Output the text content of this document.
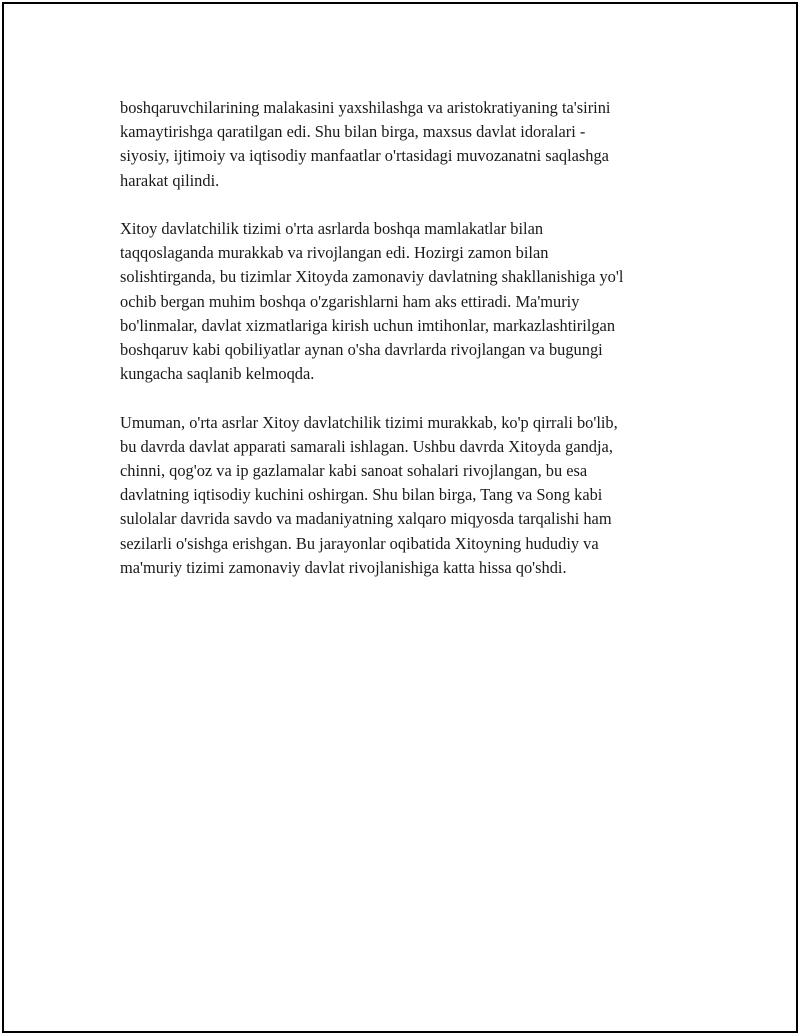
boshqaruvchilarining malakasini yaxshilashga va aristokratiyaning ta'sirini
kamaytirishga qaratilgan edi. Shu bilan birga, maxsus davlat idoralari -
siyosiy, ijtimoiy va iqtisodiy manfaatlar o'rtasidagi muvozanatni saqlashga
harakat qilindi.

Xitoy davlatchilik tizimi o'rta asrlarda boshqa mamlakatlar bilan
taqqoslaganda murakkab va rivojlangan edi. Hozirgi zamon bilan
solishtirganda, bu tizimlar Xitoyda zamonaviy davlatning shakllanishiga yo'l
ochib bergan muhim boshqa o'zgarishlarni ham aks ettiradi. Ma'muriy
bo'linmalar, davlat xizmatlariga kirish uchun imtihonlar, markazlashtirilgan
boshqaruv kabi qobiliyatlar aynan o'sha davrlarda rivojlangan va bugungi
kungacha saqlanib kelmoqda.

Umuman, o'rta asrlar Xitoy davlatchilik tizimi murakkab, ko'p qirrali bo'lib,
bu davrda davlat apparati samarali ishlagan. Ushbu davrda Xitoyda gandja,
chinni, qog'oz va ip gazlamalar kabi sanoat sohalari rivojlangan, bu esa
davlatning iqtisodiy kuchini oshirgan. Shu bilan birga, Tang va Song kabi
sulolalar davrida savdo va madaniyatning xalqaro miqyosda tarqalishi ham
sezilarli o'sishga erishgan. Bu jarayonlar oqibatida Xitoyning hududiy va
ma'muriy tizimi zamonaviy davlat rivojlanishiga katta hissa qo'shdi.
